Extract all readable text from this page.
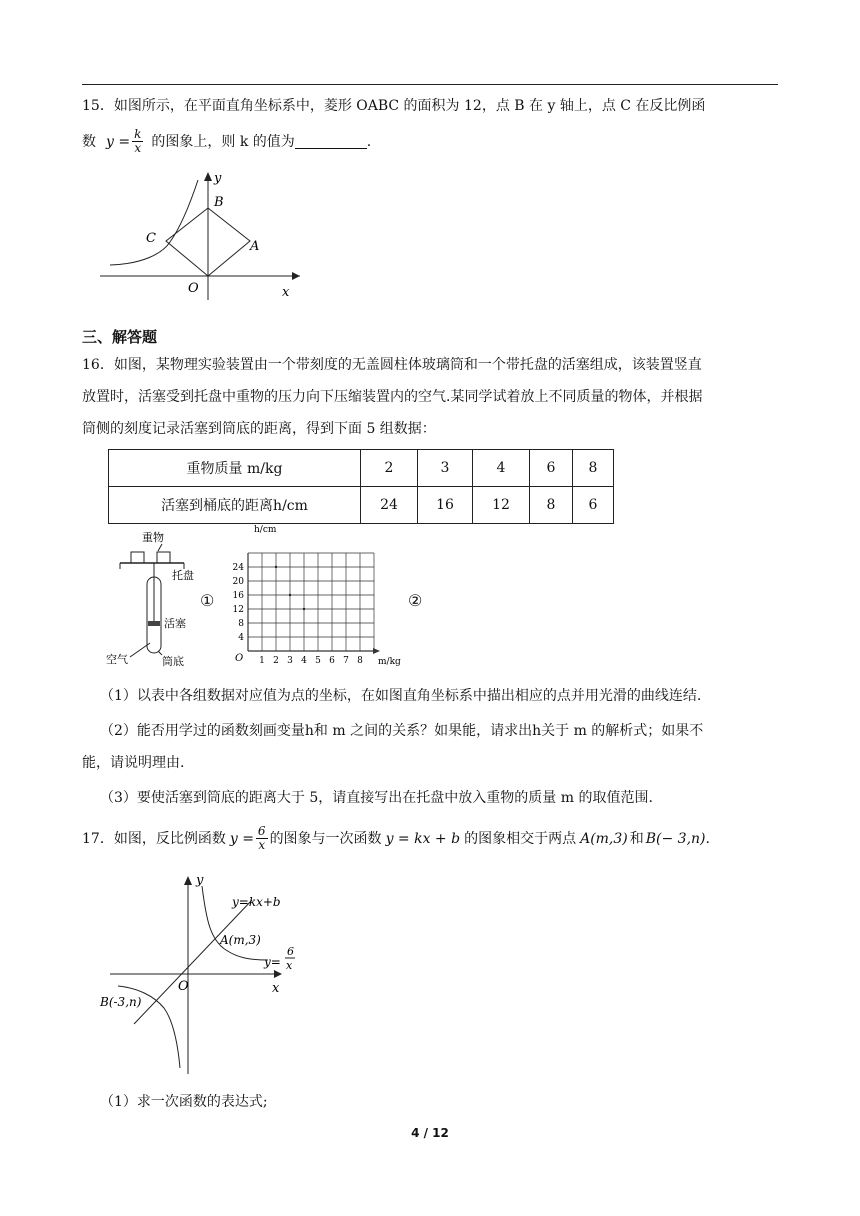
15．如图所示，在平面直角坐标系中，菱形 OABC 的面积为 12，点 B 在 y 轴上，点 C 在反比例函
数 $y = \frac{k}{x}$ 的图象上，则 k 的值为	.
y
x
O
B
C
A
三、解答题
16．如图，某物理实验装置由一个带刻度的无盖圆柱体玻璃筒和一个带托盘的活塞组成，该装置竖直
放置时，活塞受到托盘中重物的压力向下压缩装置内的空气.某同学试着放上不同质量的物体，并根据
筒侧的刻度记录活塞到筒底的距离，得到下面 5 组数据：
重物质量 m/kg	2	3	4	6	8
活塞到桶底的距离h/cm	24	16	12	8	6
重物
托盘
活塞
空气	筒底
①
4
8
12
16
20
24
1 2 3 4 5 6 7 8
h/cm
m/kg
O
②
（1）以表中各组数据对应值为点的坐标，在如图直角坐标系中描出相应的点并用光滑的曲线连结.
（2）能否用学过的函数刻画变量h和 m 之间的关系？如果能，请求出h关于 m 的解析式；如果不
能，请说明理由.
（3）要使活塞到筒底的距离大于 5，请直接写出在托盘中放入重物的质量 m 的取值范围.
17．如图，反比例函数 $y = \frac{6}{x}$ 的图象与一次函数 y = kx + b 的图象相交于两点 A(m,3) 和 B(− 3,n) .
y
x
O
y=kx+b
A(m,3)
y=
6
x
B(-3,n)
（1）求一次函数的表达式;
4 / 12
